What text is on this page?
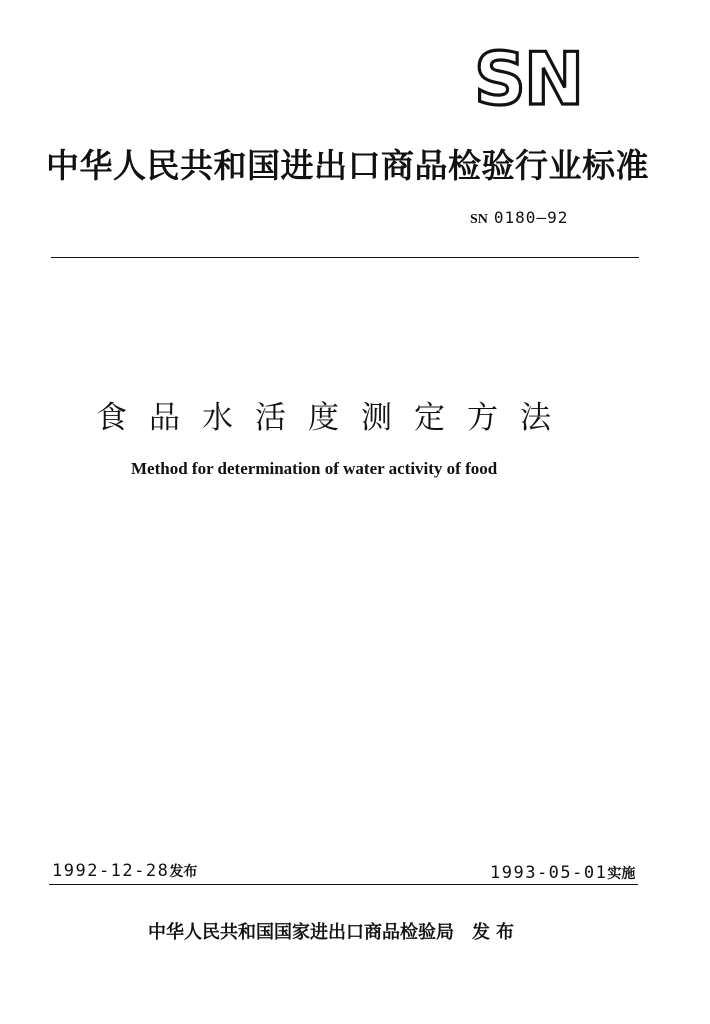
SN
中华人民共和国进出口商品检验行业标准
SN 0180—92
食品水活度测定方法
Method for determination of water activity of food
1992-12-28发布	1993-05-01实施
中华人民共和国国家进出口商品检验局 发布
